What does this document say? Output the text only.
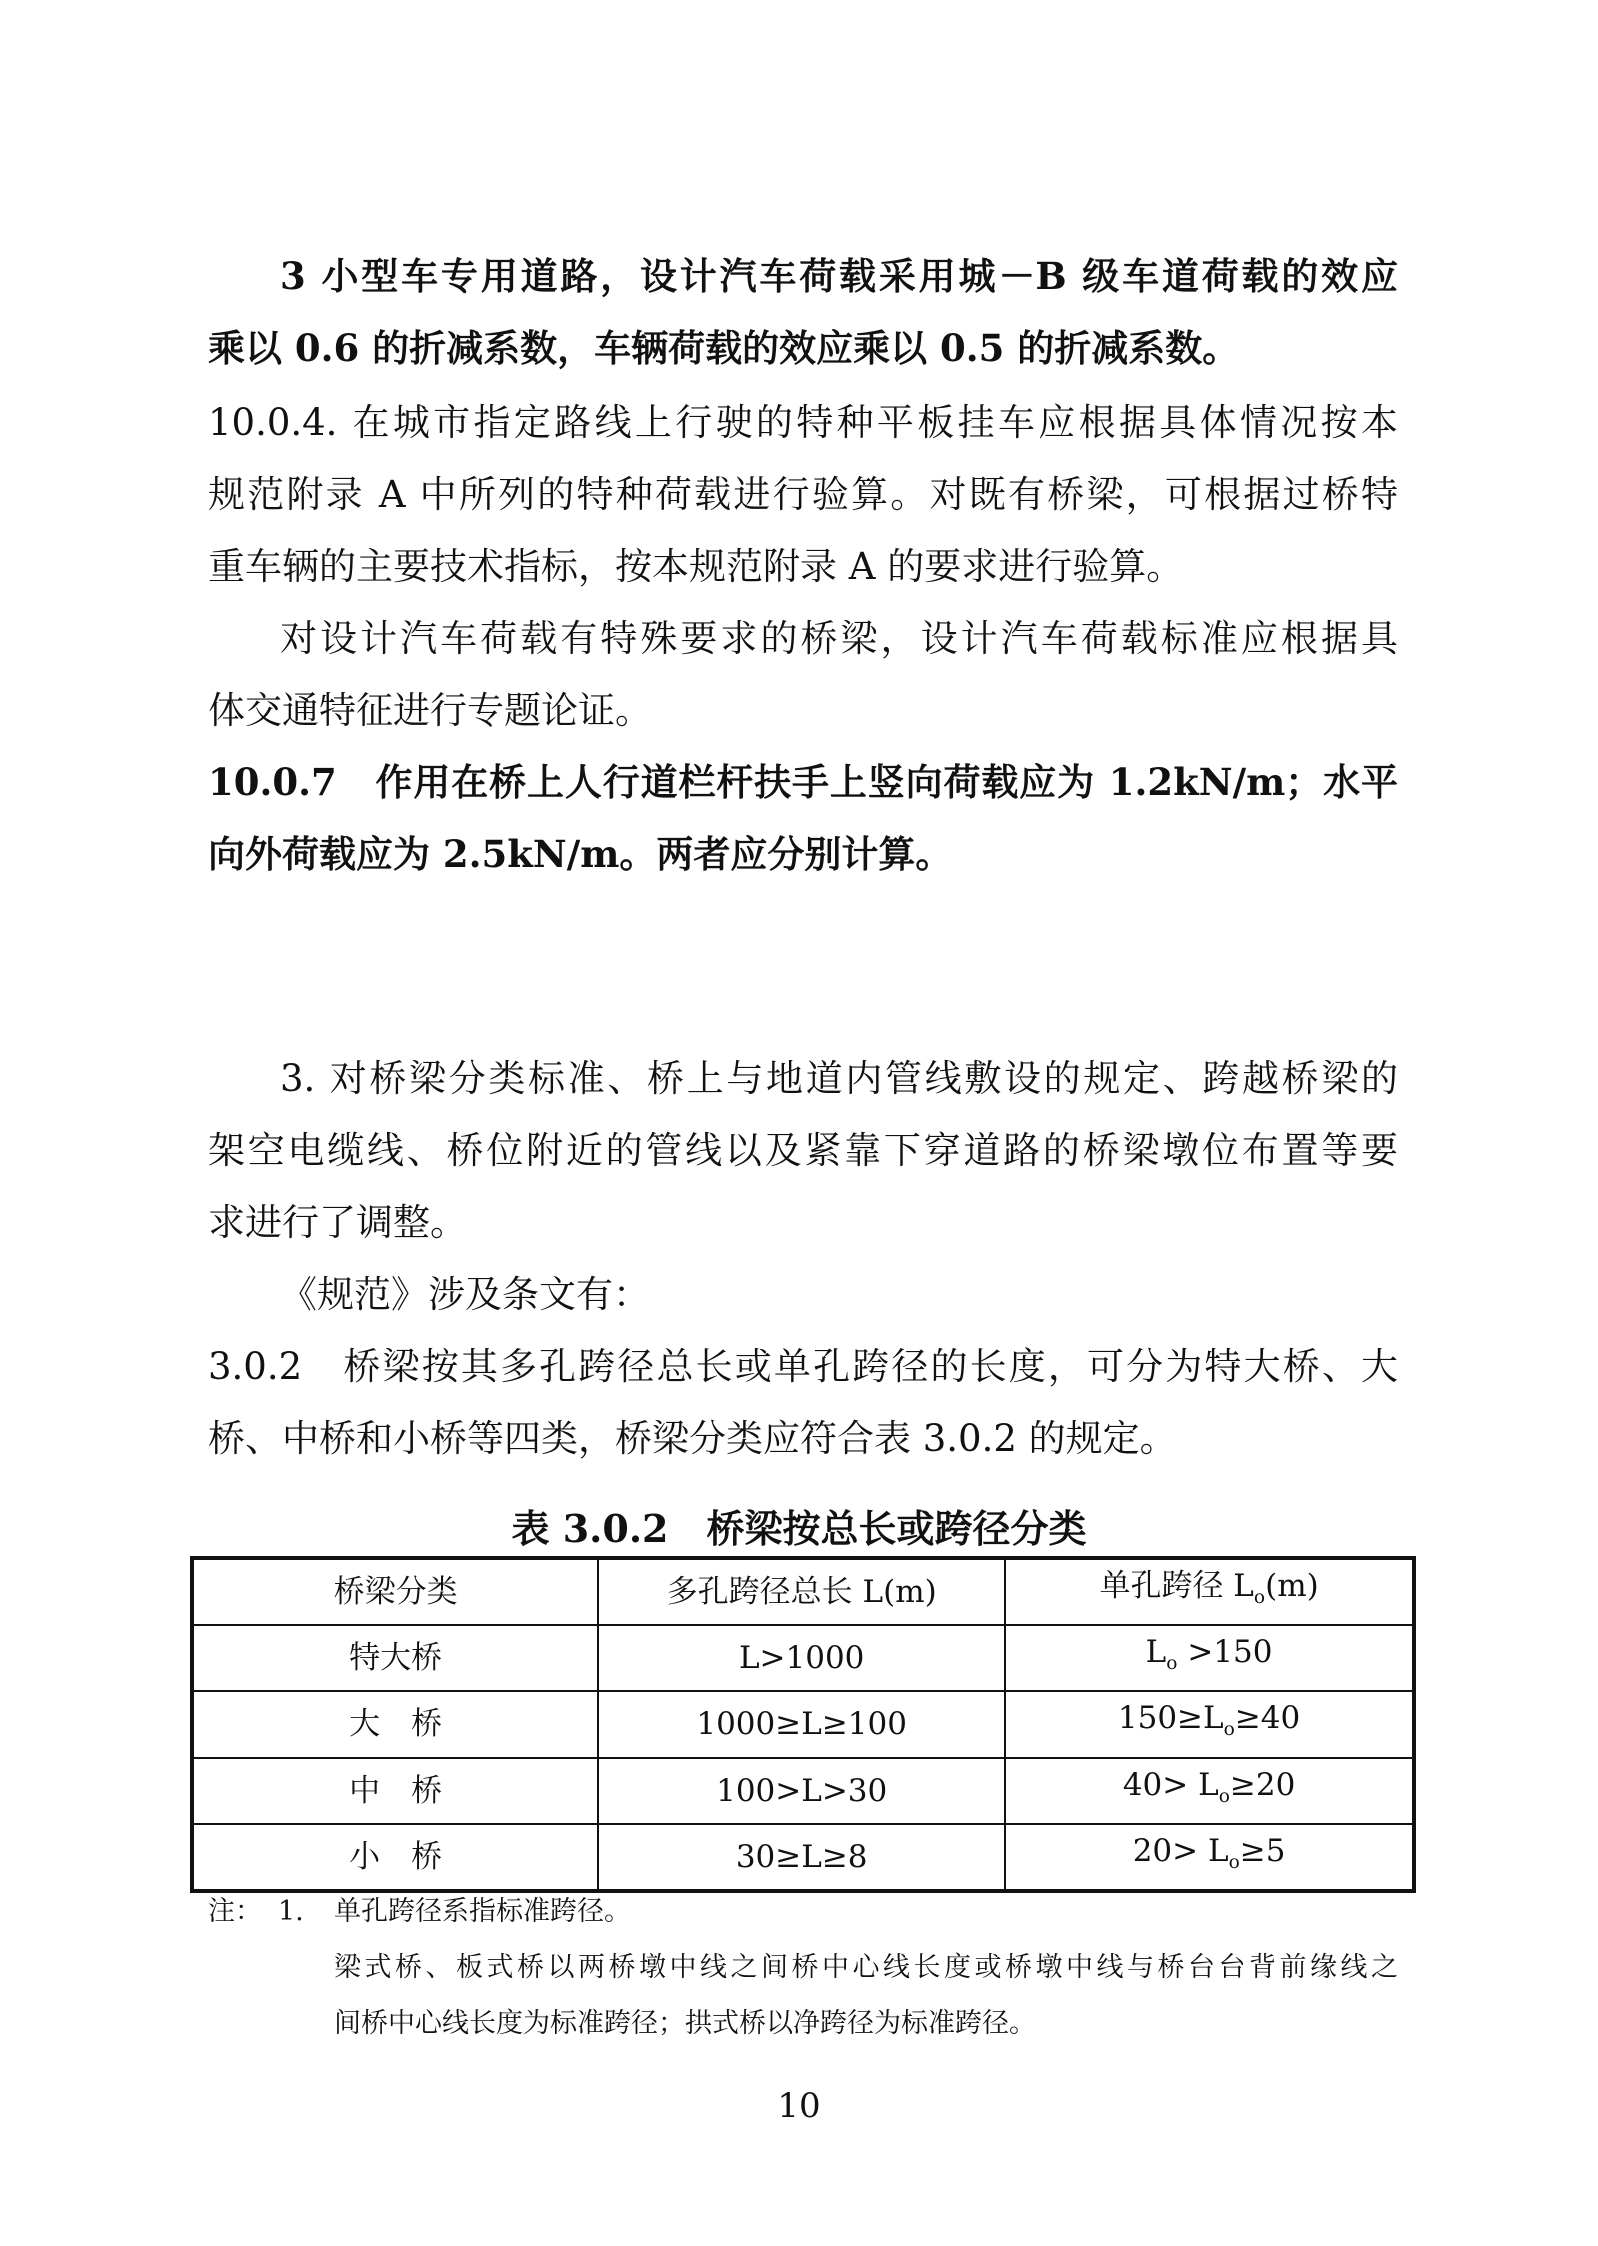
3 小型车专用道路，设计汽车荷载采用城－B 级车道荷载的效应
乘以 0.6 的折减系数，车辆荷载的效应乘以 0.5 的折减系数。
10.0.4. 在城市指定路线上行驶的特种平板挂车应根据具体情况按本
规范附录 A 中所列的特种荷载进行验算。对既有桥梁，可根据过桥特
重车辆的主要技术指标，按本规范附录 A 的要求进行验算。
对设计汽车荷载有特殊要求的桥梁，设计汽车荷载标准应根据具
体交通特征进行专题论证。
10.0.7　作用在桥上人行道栏杆扶手上竖向荷载应为 1.2kN/m；水平
向外荷载应为 2.5kN/m。两者应分别计算。
3. 对桥梁分类标准、桥上与地道内管线敷设的规定、跨越桥梁的
架空电缆线、桥位附近的管线以及紧靠下穿道路的桥梁墩位布置等要
求进行了调整。
《规范》涉及条文有：
3.0.2　桥梁按其多孔跨径总长或单孔跨径的长度，可分为特大桥、大
桥、中桥和小桥等四类，桥梁分类应符合表 3.0.2 的规定。
表 3.0.2　桥梁按总长或跨径分类
桥梁分类	多孔跨径总长 L(m)	单孔跨径 $L_o(m)$
特大桥	L>1000	$L_o >150$
大　桥	1000≥L≥100	$150\ge L_o\ge 40$
中　桥	100>L>30	$40> L_o\ge 20$
小　桥	30≥L≥8	$20> L_o\ge 5$
注： 1. 单孔跨径系指标准跨径。
梁式桥、板式桥以两桥墩中线之间桥中心线长度或桥墩中线与桥台台背前缘线之
间桥中心线长度为标准跨径；拱式桥以净跨径为标准跨径。
10
